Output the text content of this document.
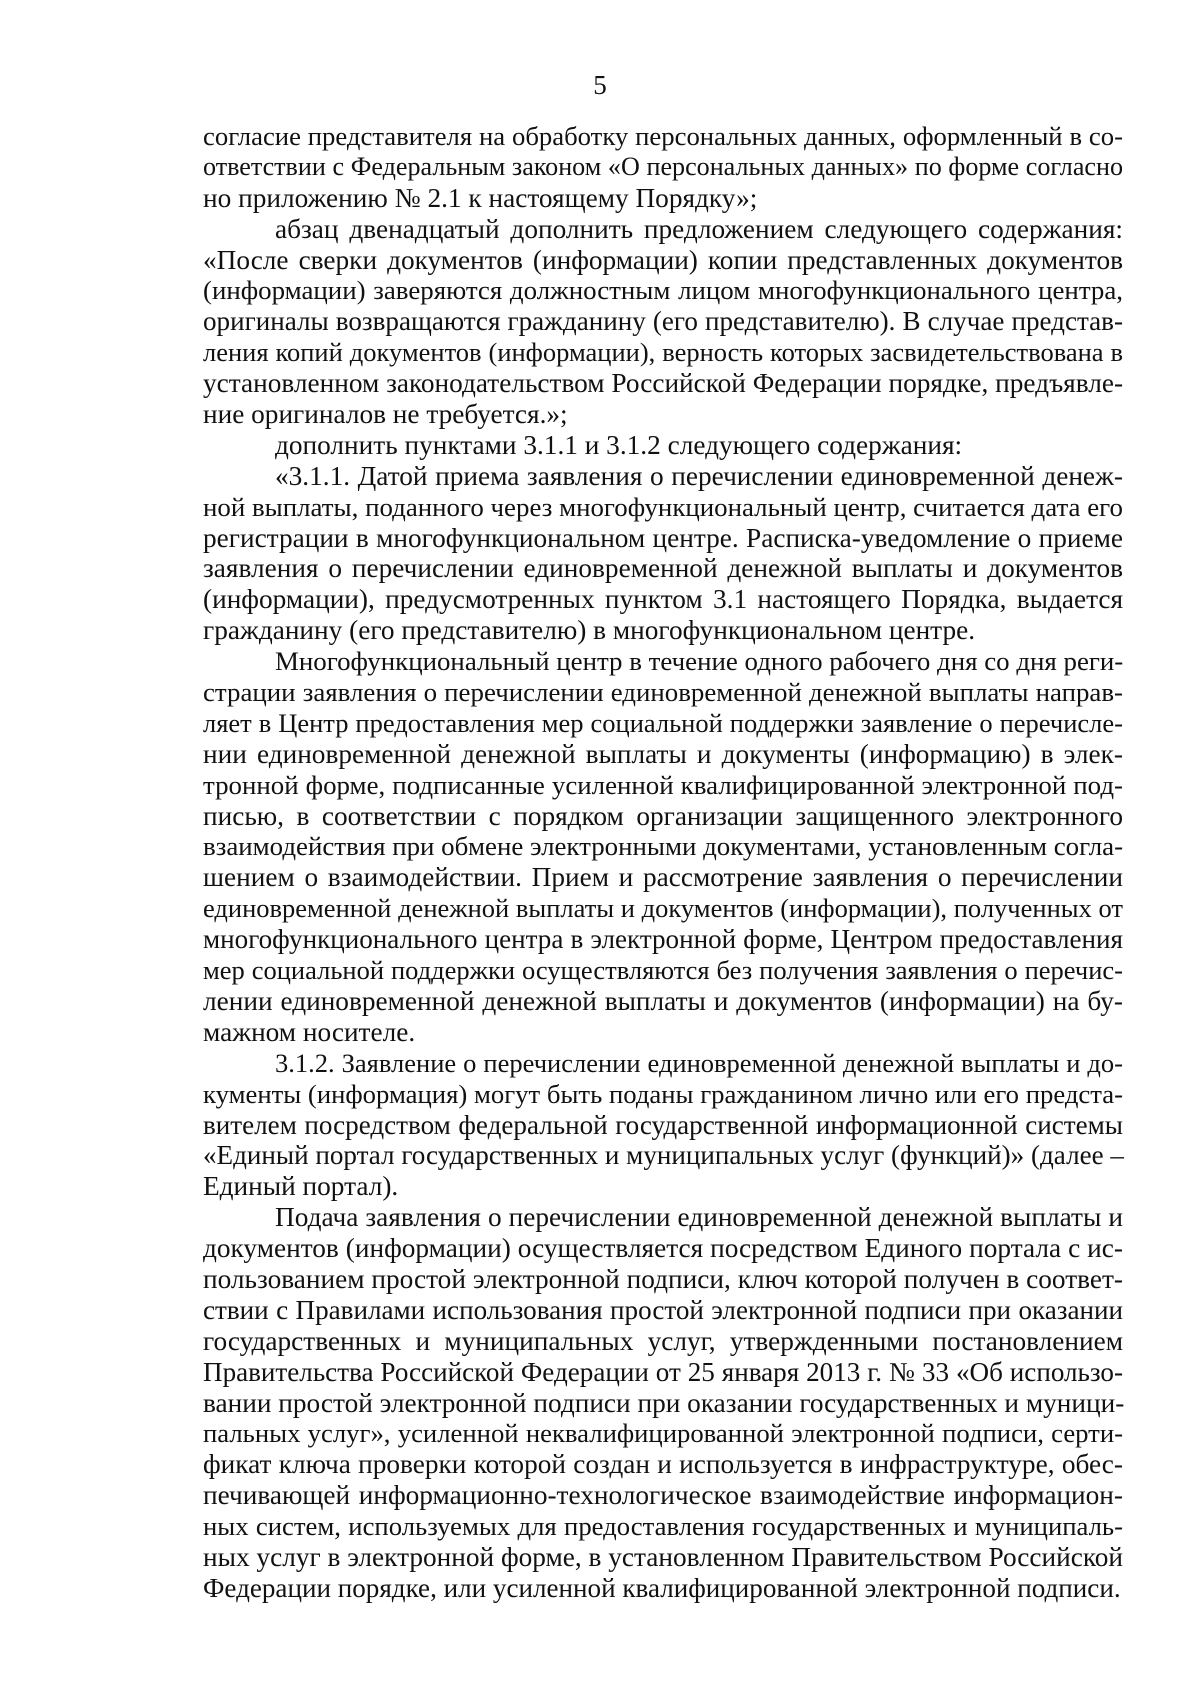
5
согласие представителя на обработку персональных данных, оформленный в со-
ответствии с Федеральным законом «О персональных данных» по форме согласно
но приложению № 2.1 к настоящему Порядку»;
абзац двенадцатый дополнить предложением следующего содержания:
«После сверки документов (информации) копии представленных документов
(информации) заверяются должностным лицом многофункционального центра,
оригиналы возвращаются гражданину (его представителю). В случае представ-
ления копий документов (информации), верность которых засвидетельствована в
установленном законодательством Российской Федерации порядке, предъявле-
ние оригиналов не требуется.»;
дополнить пунктами 3.1.1 и 3.1.2 следующего содержания:
«3.1.1. Датой приема заявления о перечислении единовременной денеж-
ной выплаты, поданного через многофункциональный центр, считается дата его
регистрации в многофункциональном центре. Расписка-уведомление о приеме
заявления о перечислении единовременной денежной выплаты и документов
(информации), предусмотренных пунктом 3.1 настоящего Порядка, выдается
гражданину (его представителю) в многофункциональном центре.
Многофункциональный центр в течение одного рабочего дня со дня реги-
страции заявления о перечислении единовременной денежной выплаты направ-
ляет в Центр предоставления мер социальной поддержки заявление о перечисле-
нии единовременной денежной выплаты и документы (информацию) в элек-
тронной форме, подписанные усиленной квалифицированной электронной под-
писью, в соответствии с порядком организации защищенного электронного
взаимодействия при обмене электронными документами, установленным согла-
шением о взаимодействии. Прием и рассмотрение заявления о перечислении
единовременной денежной выплаты и документов (информации), полученных от
многофункционального центра в электронной форме, Центром предоставления
мер социальной поддержки осуществляются без получения заявления о перечис-
лении единовременной денежной выплаты и документов (информации) на бу-
мажном носителе.
3.1.2. Заявление о перечислении единовременной денежной выплаты и до-
кументы (информация) могут быть поданы гражданином лично или его предста-
вителем посредством федеральной государственной информационной системы
«Единый портал государственных и муниципальных услуг (функций)» (далее –
Единый портал).
Подача заявления о перечислении единовременной денежной выплаты и
документов (информации) осуществляется посредством Единого портала с ис-
пользованием простой электронной подписи, ключ которой получен в соответ-
ствии с Правилами использования простой электронной подписи при оказании
государственных и муниципальных услуг, утвержденными постановлением
Правительства Российской Федерации от 25 января 2013 г. № 33 «Об использо-
вании простой электронной подписи при оказании государственных и муници-
пальных услуг», усиленной неквалифицированной электронной подписи, серти-
фикат ключа проверки которой создан и используется в инфраструктуре, обес-
печивающей информационно-технологическое взаимодействие информацион-
ных систем, используемых для предоставления государственных и муниципаль-
ных услуг в электронной форме, в установленном Правительством Российской
Федерации порядке, или усиленной квалифицированной электронной подписи.
